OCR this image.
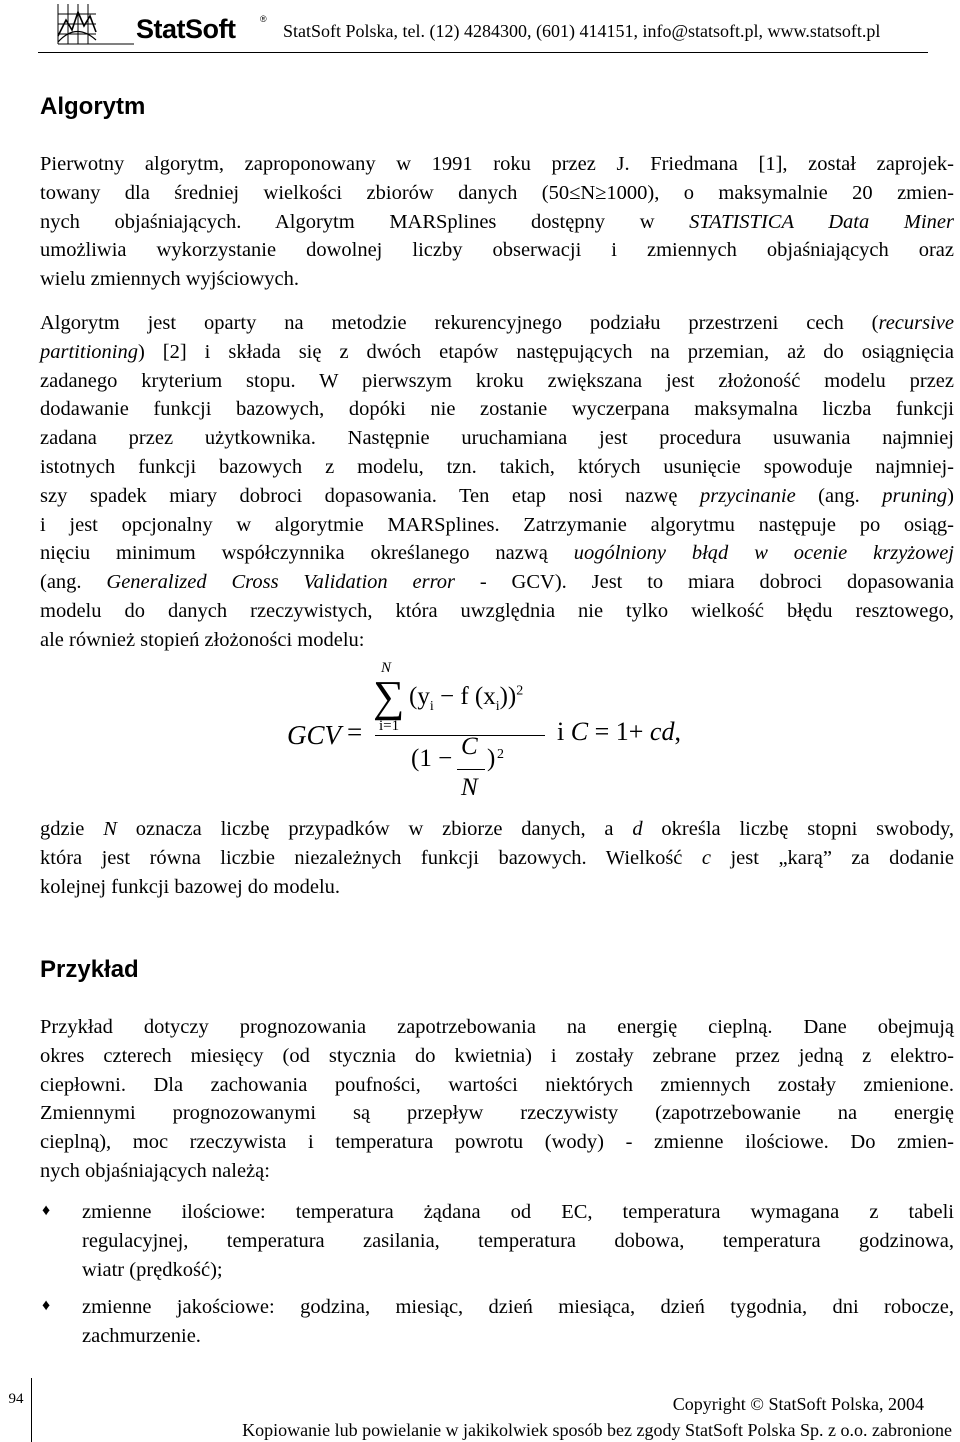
StatSoft	®
StatSoft Polska, tel. (12) 4284300, (601) 414151, info@statsoft.pl, www.statsoft.pl
Algorytm
Pierwotny algorytm, zaproponowany w 1991 roku przez J. Friedmana [1], został zaprojek-
towany dla średniej wielkości zbiorów danych (50≤N≥1000), o maksymalnie 20 zmien-
nych objaśniających. Algorytm MARSplines dostępny w STATISTICA Data Miner
umożliwia wykorzystanie dowolnej liczby obserwacji i zmiennych objaśniających oraz
wielu zmiennych wyjściowych.
Algorytm jest oparty na metodzie rekurencyjnego podziału przestrzeni cech (recursive
partitioning) [2] i składa się z dwóch etapów następujących na przemian, aż do osiągnięcia
zadanego kryterium stopu. W pierwszym kroku zwiększana jest złożoność modelu przez
dodawanie funkcji bazowych, dopóki nie zostanie wyczerpana maksymalna liczba funkcji
zadana przez użytkownika. Następnie uruchamiana jest procedura usuwania najmniej
istotnych funkcji bazowych z modelu, tzn. takich, których usunięcie spowoduje najmniej-
szy spadek miary dobroci dopasowania. Ten etap nosi nazwę przycinanie (ang. pruning)
i jest opcjonalny w algorytmie MARSplines. Zatrzymanie algorytmu następuje po osiąg-
nięciu minimum współczynnika określanego nazwą uogólniony błąd w ocenie krzyżowej
(ang. Generalized Cross Validation error - GCV). Jest to miara dobroci dopasowania
modelu do danych rzeczywistych, która uwzględnia nie tylko wielkość błędu resztowego,
ale również stopień złożoności modelu:
GCV =
N
∑
i=1
($y_i - f$ $(x_i))^2$
(1 − C
N
) 2
i C = 1+ cd,
gdzie N oznacza liczbę przypadków w zbiorze danych, a d określa liczbę stopni swobody,
która jest równa liczbie niezależnych funkcji bazowych. Wielkość c jest „karą” za dodanie
kolejnej funkcji bazowej do modelu.
Przykład
Przykład dotyczy prognozowania zapotrzebowania na energię cieplną. Dane obejmują
okres czterech miesięcy (od stycznia do kwietnia) i zostały zebrane przez jedną z elektro-
ciepłowni. Dla zachowania poufności, wartości niektórych zmiennych zostały zmienione.
Zmiennymi prognozowanymi są przepływ rzeczywisty (zapotrzebowanie na energię
cieplną), moc rzeczywista i temperatura powrotu (wody) - zmienne ilościowe. Do zmien-
nych objaśniających należą:
♦ zmienne ilościowe: temperatura żądana od EC, temperatura wymagana z tabeli
regulacyjnej, temperatura zasilania, temperatura dobowa, temperatura godzinowa,
wiatr (prędkość);
♦ zmienne jakościowe: godzina, miesiąc, dzień miesiąca, dzień tygodnia, dni robocze,
zachmurzenie.
94	Copyright © StatSoft Polska, 2004
Kopiowanie lub powielanie w jakikolwiek sposób bez zgody StatSoft Polska Sp. z o.o. zabronione
